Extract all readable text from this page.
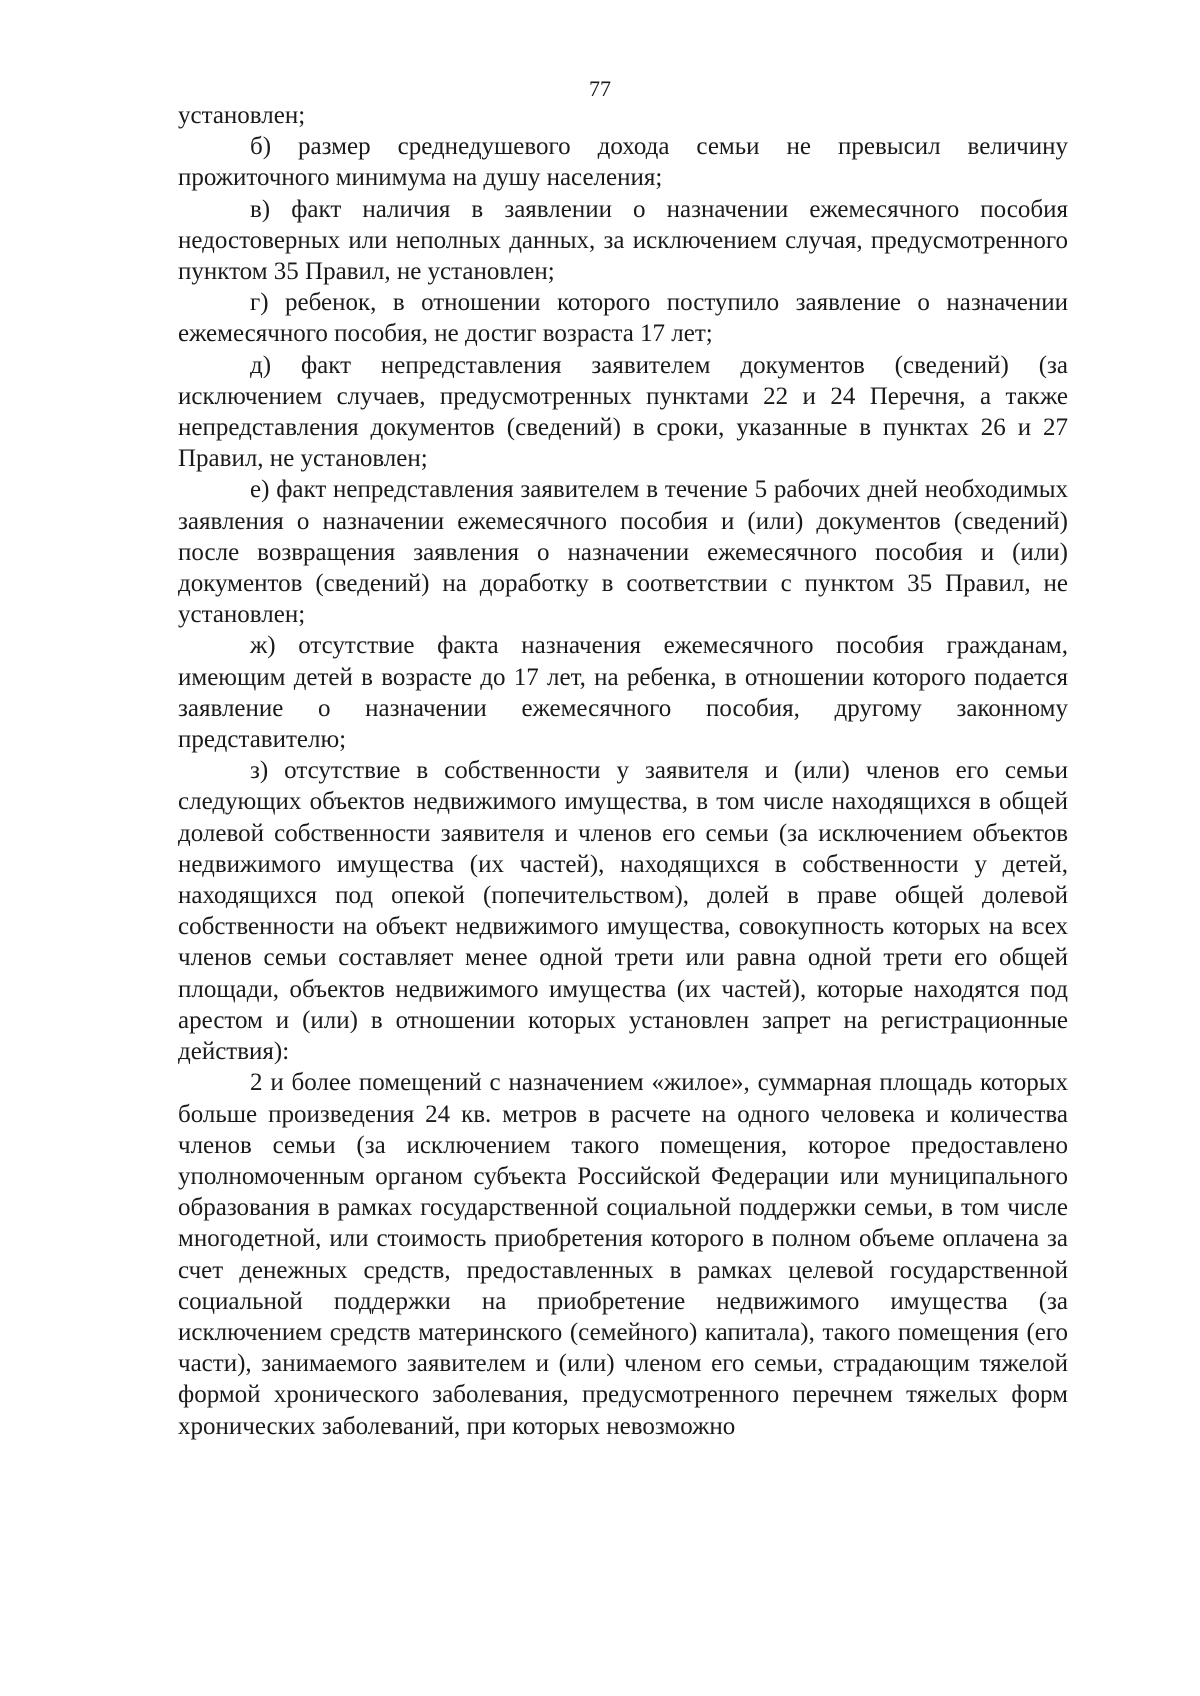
77

установлен;

б) размер среднедушевого дохода семьи не превысил величину прожиточного минимума на душу населения;

в) факт наличия в заявлении о назначении ежемесячного пособия недостоверных или неполных данных, за исключением случая, предусмотренного пунктом 35 Правил, не установлен;

г) ребенок, в отношении которого поступило заявление о назначении ежемесячного пособия, не достиг возраста 17 лет;

д) факт непредставления заявителем документов (сведений) (за исключением случаев, предусмотренных пунктами 22 и 24 Перечня, а также непредставления документов (сведений) в сроки, указанные в пунктах 26 и 27 Правил, не установлен;

е) факт непредставления заявителем в течение 5 рабочих дней необходимых заявления о назначении ежемесячного пособия и (или) документов (сведений) после возвращения заявления о назначении ежемесячного пособия и (или) документов (сведений) на доработку в соответствии с пунктом 35 Правил, не установлен;

ж) отсутствие факта назначения ежемесячного пособия гражданам, имеющим детей в возрасте до 17 лет, на ребенка, в отношении которого подается заявление о назначении ежемесячного пособия, другому законному представителю;

з) отсутствие в собственности у заявителя и (или) членов его семьи следующих объектов недвижимого имущества, в том числе находящихся в общей долевой собственности заявителя и членов его семьи (за исключением объектов недвижимого имущества (их частей), находящихся в собственности у детей, находящихся под опекой (попечительством), долей в праве общей долевой собственности на объект недвижимого имущества, совокупность которых на всех членов семьи составляет менее одной трети или равна одной трети его общей площади, объектов недвижимого имущества (их частей), которые находятся под арестом и (или) в отношении которых установлен запрет на регистрационные действия):

2 и более помещений с назначением «жилое», суммарная площадь которых больше произведения 24 кв. метров в расчете на одного человека и количества членов семьи (за исключением такого помещения, которое предоставлено уполномоченным органом субъекта Российской Федерации или муниципального образования в рамках государственной социальной поддержки семьи, в том числе многодетной, или стоимость приобретения которого в полном объеме оплачена за счет денежных средств, предоставленных в рамках целевой государственной социальной поддержки на приобретение недвижимого имущества (за исключением средств материнского (семейного) капитала), такого помещения (его части), занимаемого заявителем и (или) членом его семьи, страдающим тяжелой формой хронического заболевания, предусмотренного перечнем тяжелых форм хронических заболеваний, при которых невозможно
